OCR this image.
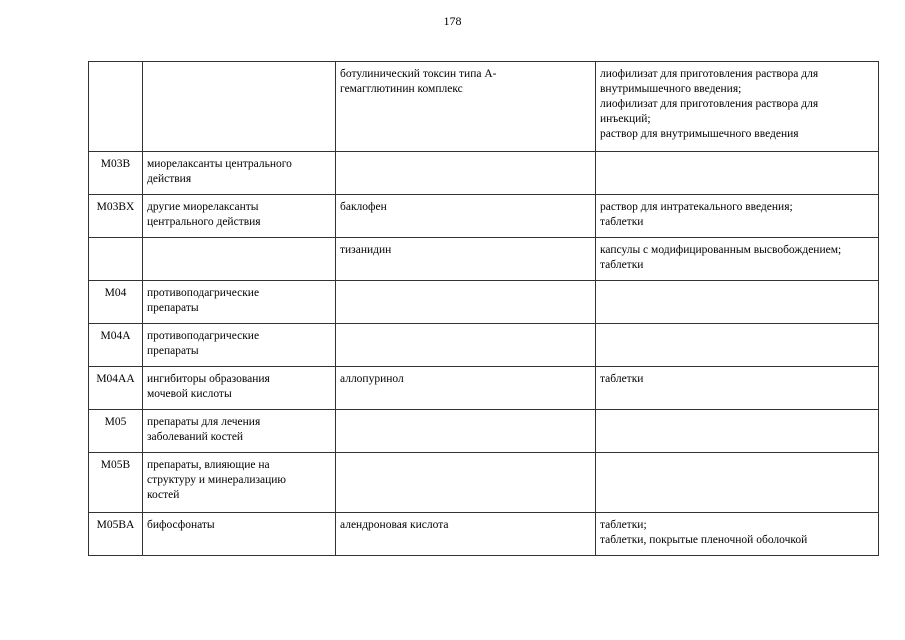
178

		ботулинический токсин типа А-
гемагглютинин комплекс	лиофилизат для приготовления раствора для
внутримышечного введения;
лиофилизат для приготовления раствора для
инъекций;
раствор для внутримышечного введения

M03B	миорелаксанты центрального
действия		

M03BX	другие миорелаксанты
центрального действия	баклофен	раствор для интратекального введения;
таблетки

		тизанидин	капсулы с модифицированным высвобождением;
таблетки

M04	противоподагрические
препараты		

M04A	противоподагрические
препараты		

M04AA	ингибиторы образования
мочевой кислоты	аллопуринол	таблетки

M05	препараты для лечения
заболеваний костей		

M05B	препараты, влияющие на
структуру и минерализацию
костей		

M05BA	бифосфонаты	алендроновая кислота	таблетки;
таблетки, покрытые пленочной оболочкой
